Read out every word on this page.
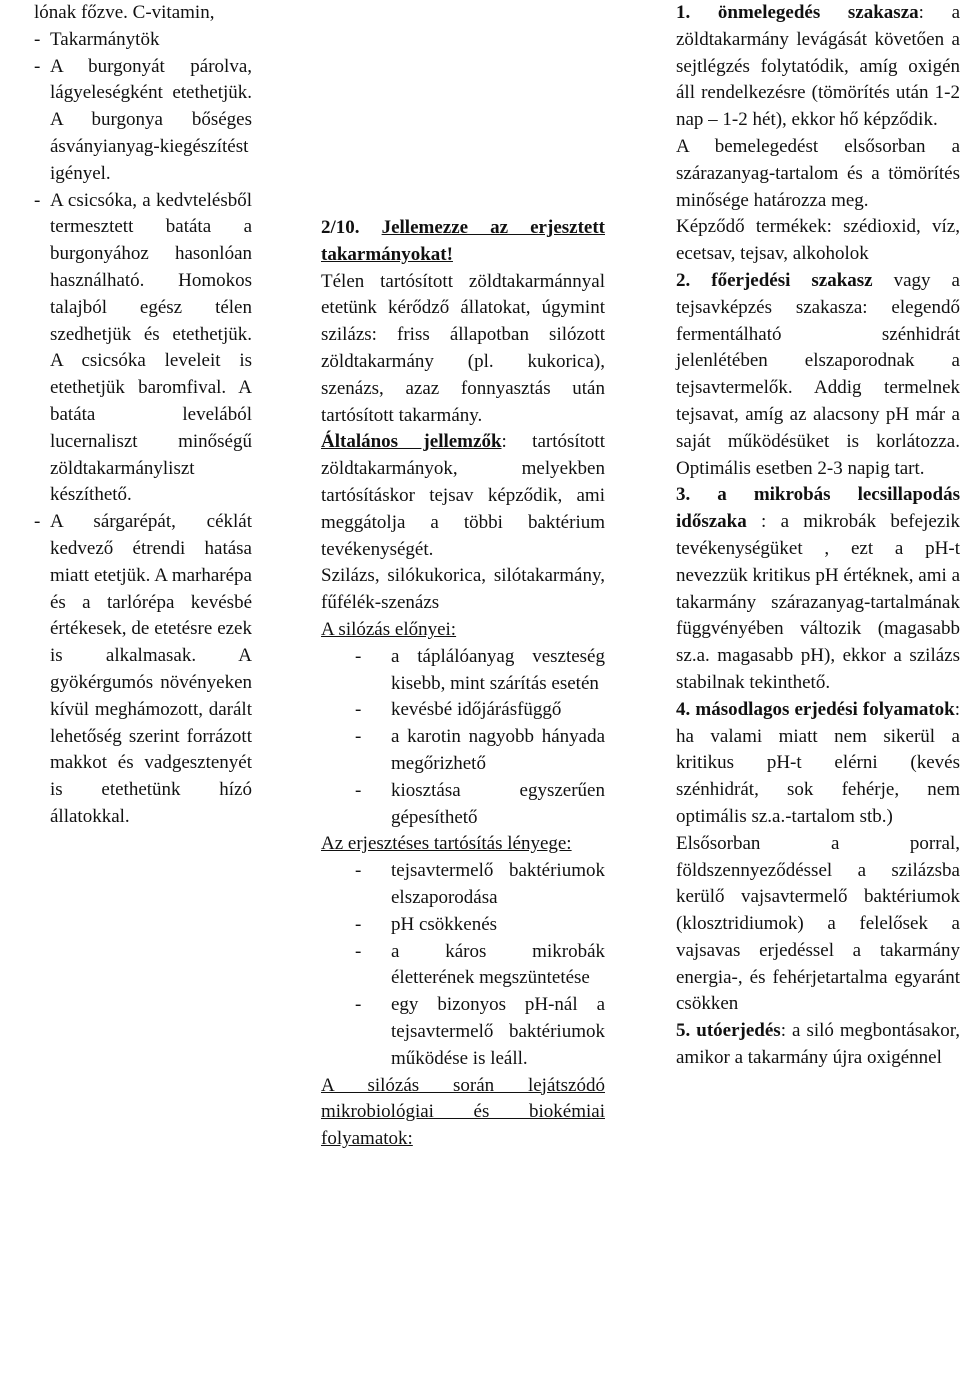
lónak főzve. C-vitamin,

- Takarmánytök
- A burgonyát párolva, lágyeleségként etethetjük. A burgonya bőséges ásványianyag-kiegészítést igényel.
- A csicsóka, a kedvtelésből termesztett batáta a burgonyához hasonlóan használható. Homokos talajból egész télen szedhetjük és etethetjük. A csicsóka leveleit is etethetjük baromfival. A batáta levelából lucernaliszt minőségű zöldtakarmányliszt készíthető.
- A sárgarépát, céklát kedvező étrendi hatása miatt etetjük. A marharépa és a tarlórépa kevésbé értékesek, de etetésre ezek is alkalmasak. A gyökérgumós növényeken kívül meghámozott, darált lehetőség szerint forrázott makkot és vadgesztenyét is etethetünk hízó állatokkal.

2/10. Jellemezze az erjesztett takarmányokat!

Télen tartósított zöldtakarmánnyal etetünk kérődző állatokat, úgymint szilázs: friss állapotban silózott zöldtakarmány (pl. kukorica), szenázs, azaz fonnyasztás után tartósított takarmány.

Általános jellemzők: tartósított zöldtakarmányok, melyekben tartósításkor tejsav képződik, ami meggátolja a többi baktérium tevékenységét.

Szilázs, silókukorica, silótakarmány, fűfélék-szenázs

A silózás előnyei:

-	a táplálóanyag veszteség kisebb, mint szárítás esetén
-	kevésbé időjárásfüggő
-	a karotin nagyobb hányada megőrizhető
-	kiosztása egyszerűen gépesíthető

Az erjesztéses tartósítás lényege:

-	tejsavtermelő baktériumok elszaporodása
-	pH csökkenés
-	a káros mikrobák életterének megszüntetése
-	egy bizonyos pH-nál a tejsavtermelő baktériumok működése is leáll.

A silózás során lejátszódó mikrobiológiai és biokémiai folyamatok:

1. önmelegedés szakasza: a zöldtakarmány levágását követően a sejtlégzés folytatódik, amíg oxigén áll rendelkezésre (tömörítés után 1-2 nap – 1-2 hét), ekkor hő képződik.

A bemelegedést elsősorban a szárazanyag-tartalom és a tömörítés minősége határozza meg.

Képződő termékek: szédioxid, víz, ecetsav, tejsav, alkoholok

2. főerjedési szakasz vagy a tejsavképzés szakasza: elegendő fermentálható szénhidrát jelenlétében elszaporodnak a tejsavtermelők. Addig termelnek tejsavat, amíg az alacsony pH már a saját működésüket is korlátozza. Optimális esetben 2-3 napig tart.

3. a mikrobás lecsillapodás időszaka : a mikrobák befejezik tevékenységüket , ezt a pH-t nevezzük kritikus pH értéknek, ami a takarmány szárazanyag-tartalmának függvényében változik (magasabb sz.a. magasabb pH), ekkor a szilázs stabilnak tekinthető.

4. másodlagos erjedési folyamatok: ha valami miatt nem sikerül a kritikus pH-t elérni (kevés szénhidrát, sok fehérje, nem optimális sz.a.-tartalom stb.)

Elsősorban a porral, földszennyeződéssel a szilázsba kerülő vajsavtermelő baktériumok (klosztridiumok) a felelősek a vajsavas erjedéssel a takarmány energia-, és fehérjetartalma egyaránt csökken

5. utóerjedés: a siló megbontásakor, amikor a takarmány újra oxigénnel
